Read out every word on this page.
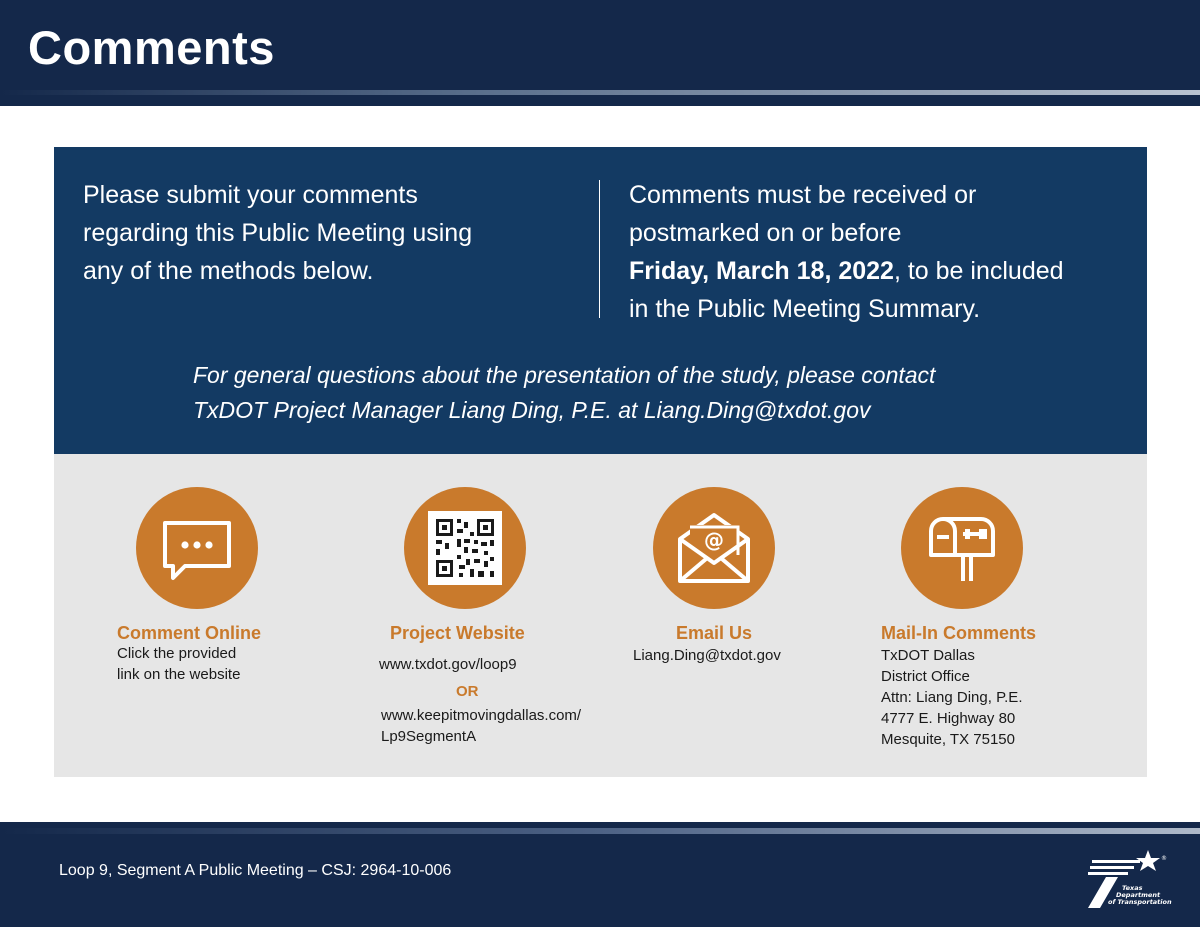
Comments
Please submit your comments regarding this Public Meeting using any of the methods below.
Comments must be received or
postmarked on or before
Friday, March 18, 2022, to be included
in the Public Meeting Summary.
For general questions about the presentation of the study, please contact
TxDOT Project Manager Liang Ding, P.E. at Liang.Ding@txdot.gov
Comment Online
Click the provided
link on the website
Project Website
www.txdot.gov/loop9
OR
www.keepitmovingdallas.com/
Lp9SegmentA
@
Email Us
Liang.Ding@txdot.gov
Mail-In Comments
TxDOT Dallas
District Office
Attn: Liang Ding, P.E.
4777 E. Highway 80
Mesquite, TX 75150
Loop 9, Segment A Public Meeting – CSJ: 2964-10-006
®
Texas
Department
of Transportation
